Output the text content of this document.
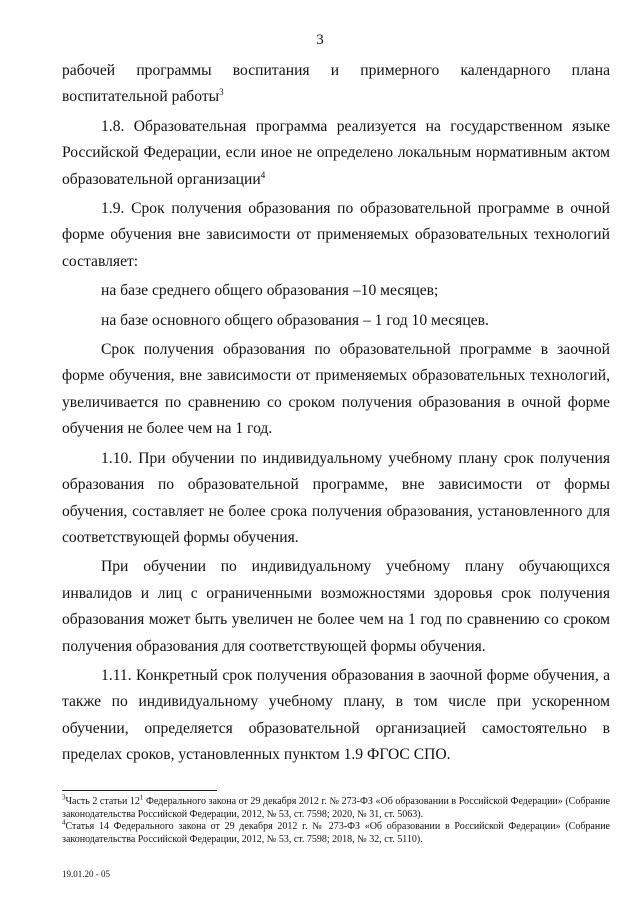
3

рабочей программы воспитания и примерного календарного плана воспитательной работы$^3$

1.8. Образовательная программа реализуется на государственном языке Российской Федерации, если иное не определено локальным нормативным актом образовательной организации$^4$

1.9. Срок получения образования по образовательной программе в очной форме обучения вне зависимости от применяемых образовательных технологий составляет:

на базе среднего общего образования –10 месяцев;

на базе основного общего образования – 1 год 10 месяцев.

Срок получения образования по образовательной программе в заочной форме обучения, вне зависимости от применяемых образовательных технологий, увеличивается по сравнению со сроком получения образования в очной форме обучения не более чем на 1 год.

1.10. При обучении по индивидуальному учебному плану срок получения образования по образовательной программе, вне зависимости от формы обучения, составляет не более срока получения образования, установленного для соответствующей формы обучения.

При обучении по индивидуальному учебному плану обучающихся инвалидов и лиц с ограниченными возможностями здоровья срок получения образования может быть увеличен не более чем на 1 год по сравнению со сроком получения образования для соответствующей формы обучения.

1.11. Конкретный срок получения образования в заочной форме обучения, а также по индивидуальному учебному плану, в том числе при ускоренном обучении, определяется образовательной организацией самостоятельно в пределах сроков, установленных пунктом 1.9 ФГОС СПО.

$^3$Часть 2 статьи $12^1$ Федерального закона от 29 декабря 2012 г. № 273-ФЗ «Об образовании в Российской Федерации» (Собрание законодательства Российской Федерации, 2012, № 53, ст. 7598; 2020, № 31, ст. 5063).

$^4$Статья 14 Федерального закона от 29 декабря 2012 г. № 273-ФЗ «Об образовании в Российской Федерации» (Собрание законодательства Российской Федерации, 2012, № 53, ст. 7598; 2018, № 32, ст. 5110).

19.01.20 - 05
